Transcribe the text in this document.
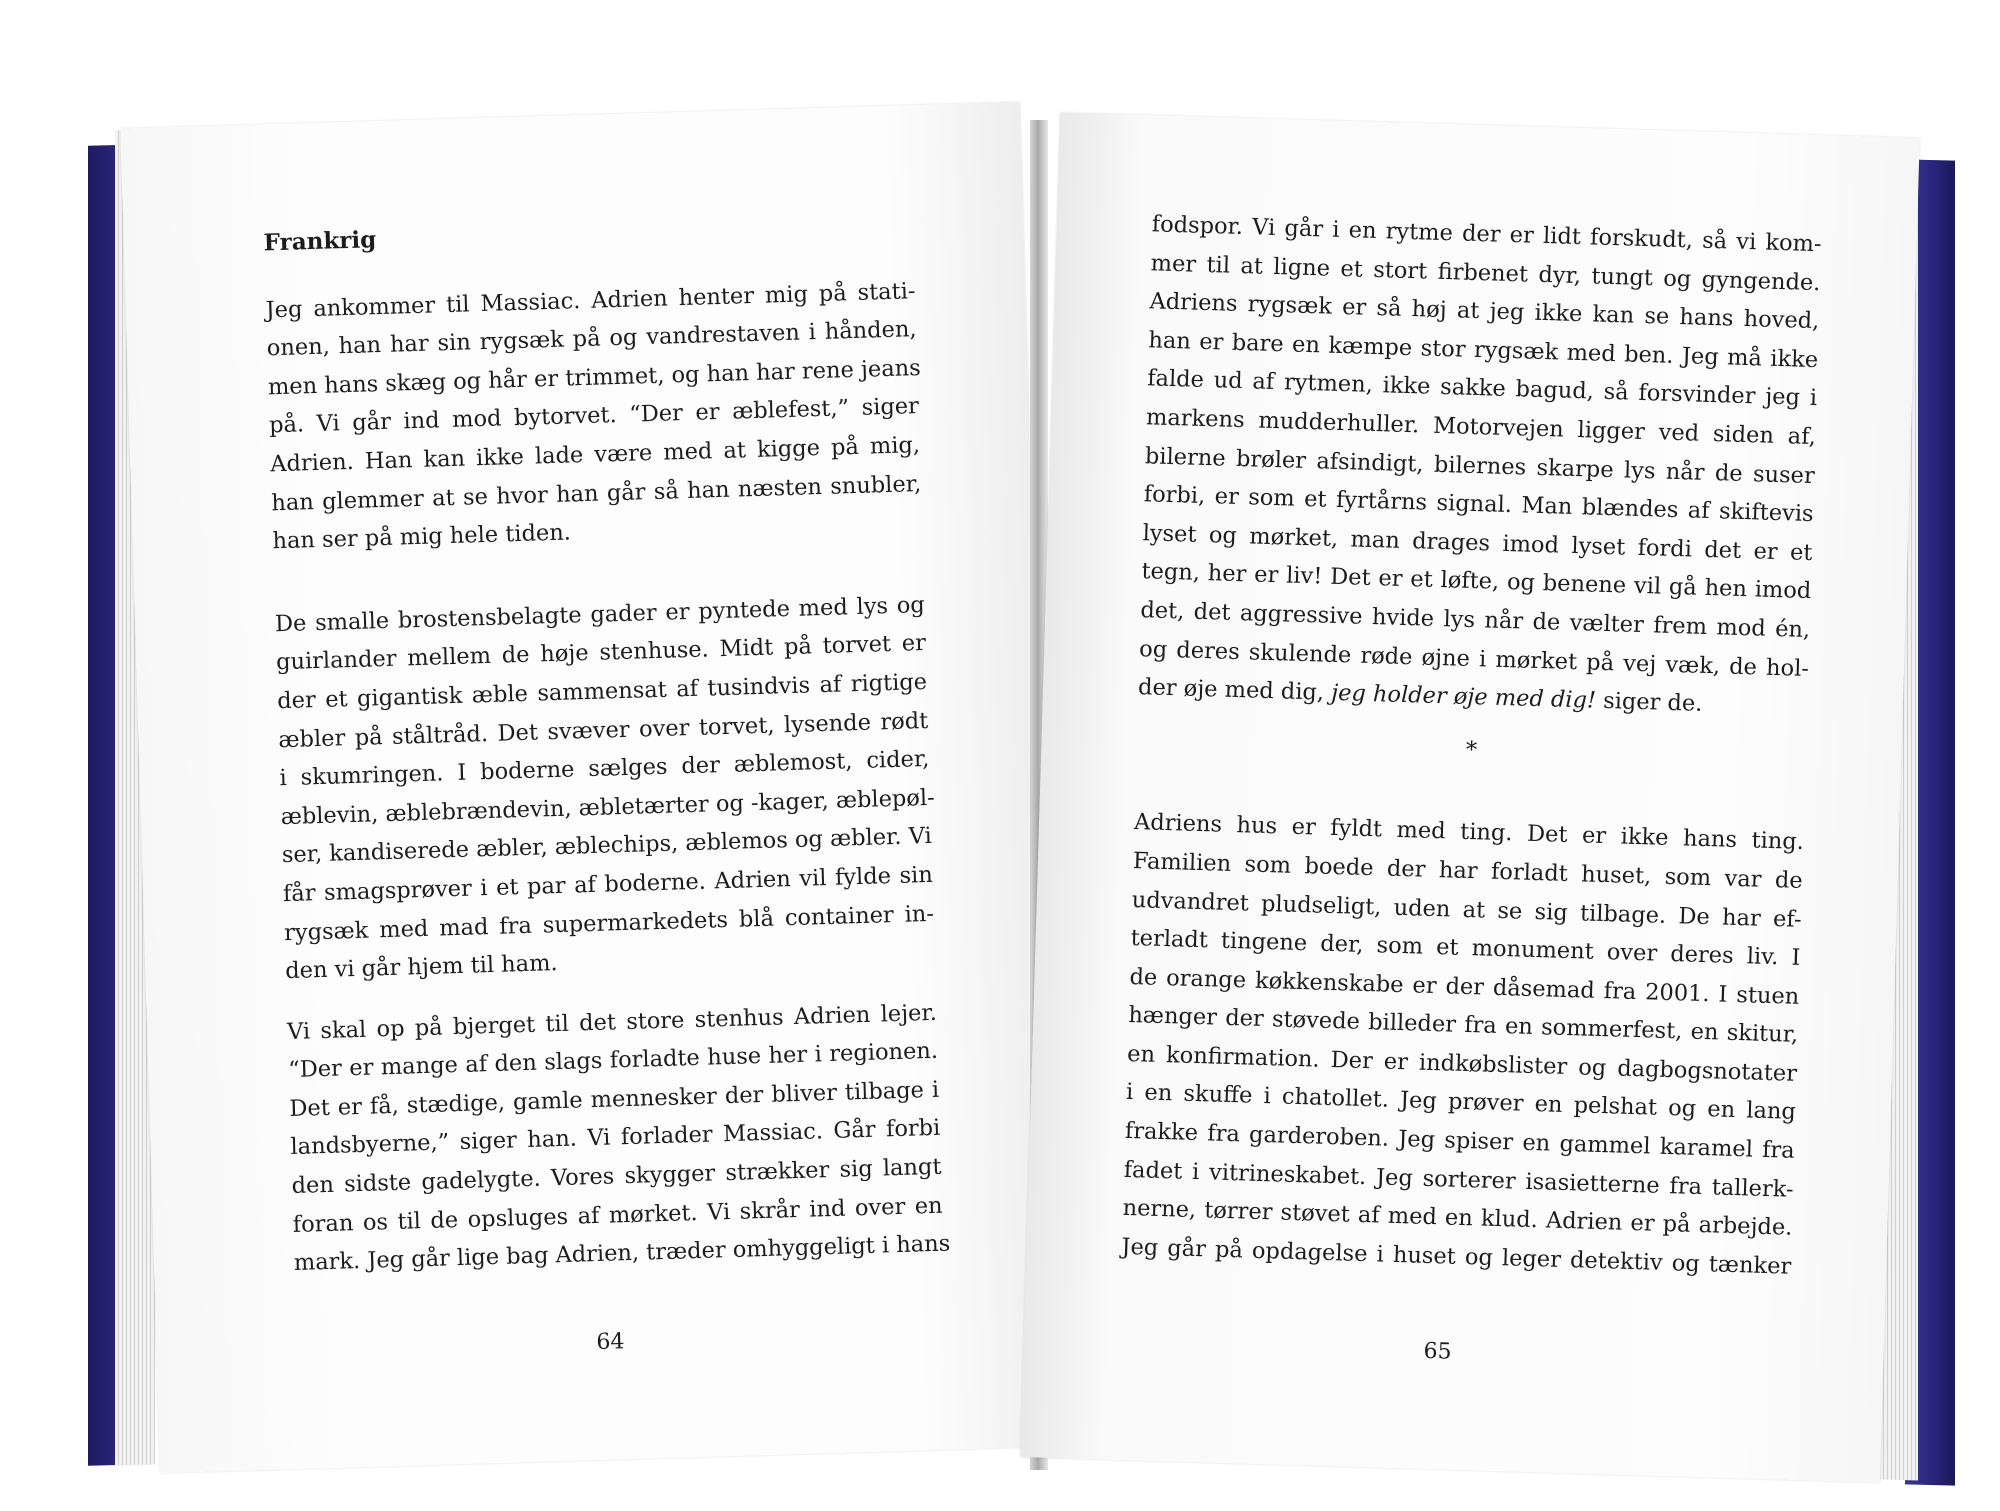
Frankrig
Jeg ankommer til Massiac. Adrien henter mig på stati-
onen, han har sin rygsæk på og vandrestaven i hånden,
men hans skæg og hår er trimmet, og han har rene jeans
på. Vi går ind mod bytorvet. “Der er æblefest,” siger
Adrien. Han kan ikke lade være med at kigge på mig,
han glemmer at se hvor han går så han næsten snubler,
han ser på mig hele tiden.
De smalle brostensbelagte gader er pyntede med lys og
guirlander mellem de høje stenhuse. Midt på torvet er
der et gigantisk æble sammensat af tusindvis af rigtige
æbler på ståltråd. Det svæver over torvet, lysende rødt
i skumringen. I boderne sælges der æblemost, cider,
æblevin, æblebrændevin, æbletærter og -kager, æblepøl-
ser, kandiserede æbler, æblechips, æblemos og æbler. Vi
får smagsprøver i et par af boderne. Adrien vil fylde sin
rygsæk med mad fra supermarkedets blå container in-
den vi går hjem til ham.
Vi skal op på bjerget til det store stenhus Adrien lejer.
“Der er mange af den slags forladte huse her i regionen.
Det er få, stædige, gamle mennesker der bliver tilbage i
landsbyerne,” siger han. Vi forlader Massiac. Går forbi
den sidste gadelygte. Vores skygger strækker sig langt
foran os til de opsluges af mørket. Vi skrår ind over en
mark. Jeg går lige bag Adrien, træder omhyggeligt i hans
64
fodspor. Vi går i en rytme der er lidt forskudt, så vi kom-
mer til at ligne et stort firbenet dyr, tungt og gyngende.
Adriens rygsæk er så høj at jeg ikke kan se hans hoved,
han er bare en kæmpe stor rygsæk med ben. Jeg må ikke
falde ud af rytmen, ikke sakke bagud, så forsvinder jeg i
markens mudderhuller. Motorvejen ligger ved siden af,
bilerne brøler afsindigt, bilernes skarpe lys når de suser
forbi, er som et fyrtårns signal. Man blændes af skiftevis
lyset og mørket, man drages imod lyset fordi det er et
tegn, her er liv! Det er et løfte, og benene vil gå hen imod
det, det aggressive hvide lys når de vælter frem mod én,
og deres skulende røde øjne i mørket på vej væk, de hol-
der øje med dig, jeg holder øje med dig! siger de.
*
Adriens hus er fyldt med ting. Det er ikke hans ting.
Familien som boede der har forladt huset, som var de
udvandret pludseligt, uden at se sig tilbage. De har ef-
terladt tingene der, som et monument over deres liv. I
de orange køkkenskabe er der dåsemad fra 2001. I stuen
hænger der støvede billeder fra en sommerfest, en skitur,
en konfirmation. Der er indkøbslister og dagbogsnotater
i en skuffe i chatollet. Jeg prøver en pelshat og en lang
frakke fra garderoben. Jeg spiser en gammel karamel fra
fadet i vitrineskabet. Jeg sorterer isasietterne fra tallerk-
nerne, tørrer støvet af med en klud. Adrien er på arbejde.
Jeg går på opdagelse i huset og leger detektiv og tænker
65
